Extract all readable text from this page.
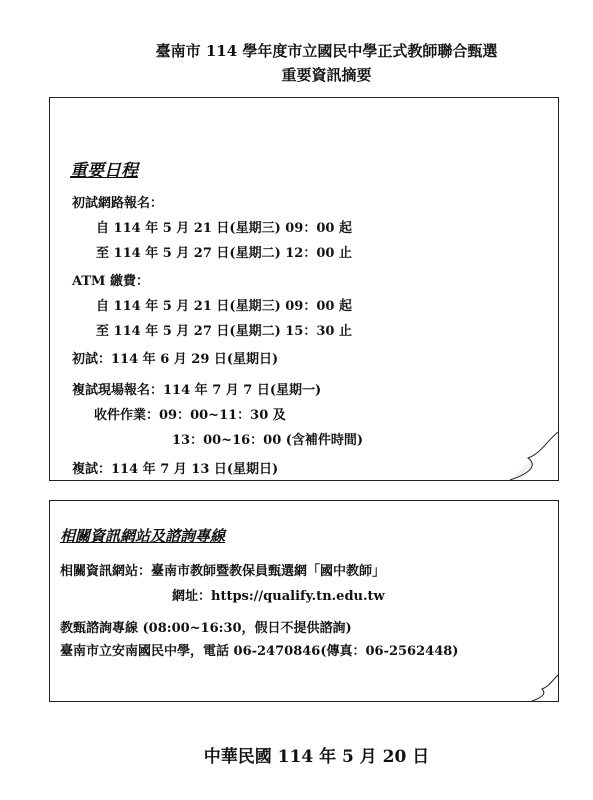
臺南市 114 學年度市立國民中學正式教師聯合甄選
重要資訊摘要
重要日程
初試網路報名：
自 114 年 5 月 21 日(星期三) 09：00 起
至 114 年 5 月 27 日(星期二) 12：00 止
ATM 繳費：
自 114 年 5 月 21 日(星期三) 09：00 起
至 114 年 5 月 27 日(星期二) 15：30 止
初試：114 年 6 月 29 日(星期日)
複試現場報名：114 年 7 月 7 日(星期一)
收件作業：09：00~11：30 及
13：00~16：00 (含補件時間)
複試：114 年 7 月 13 日(星期日)
相關資訊網站及諮詢專線
相關資訊網站：臺南市教師暨教保員甄選網「國中教師」
網址：https://qualify.tn.edu.tw
教甄諮詢專線 (08:00~16:30，假日不提供諮詢)
臺南市立安南國民中學，電話 06-2470846(傳真：06-2562448)
中華民國 114 年 5 月 20 日
